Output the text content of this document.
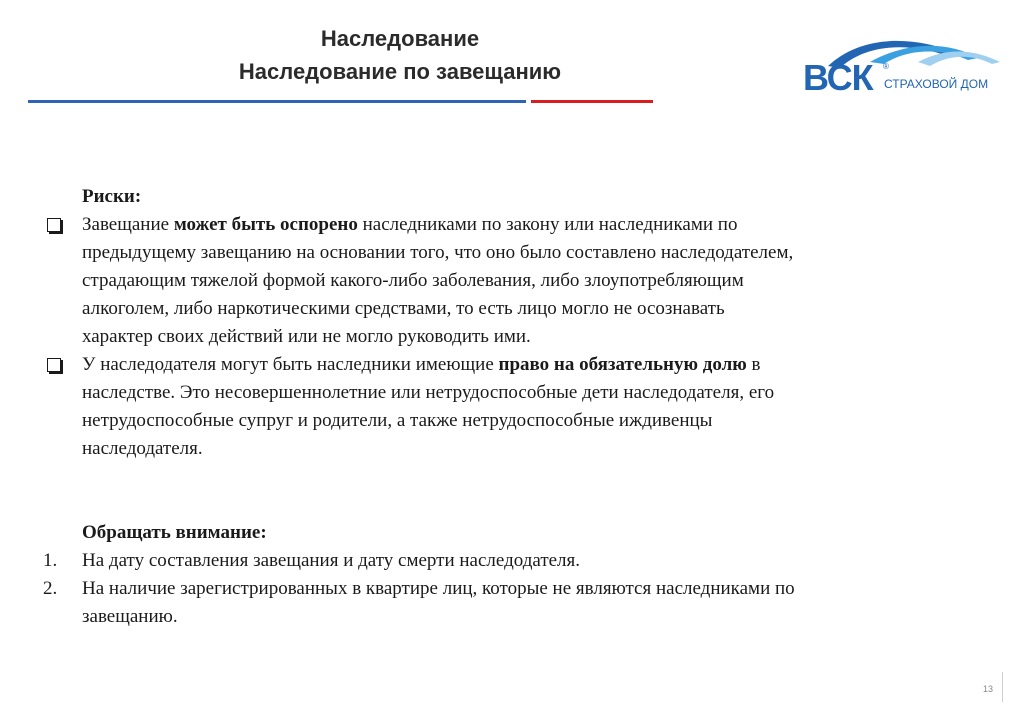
Наследование
Наследование по завещанию	ВСК ®
СТРАХОВОЙ ДОМ
Риски:
Завещание может быть оспорено наследниками по закону или наследниками по
предыдущему завещанию на основании того, что оно было составлено наследодателем,
страдающим тяжелой формой какого-либо заболевания, либо злоупотребляющим
алкоголем, либо наркотическими средствами, то есть лицо могло не осознавать
характер своих действий или не могло руководить ими.
У наследодателя могут быть наследники имеющие право на обязательную долю в
наследстве. Это несовершеннолетние или нетрудоспособные дети наследодателя, его
нетрудоспособные супруг и родители, а также нетрудоспособные иждивенцы
наследодателя.
Обращать внимание:
1. На дату составления завещания и дату смерти наследодателя.
2. На наличие зарегистрированных в квартире лиц, которые не являются наследниками по
завещанию.
13
